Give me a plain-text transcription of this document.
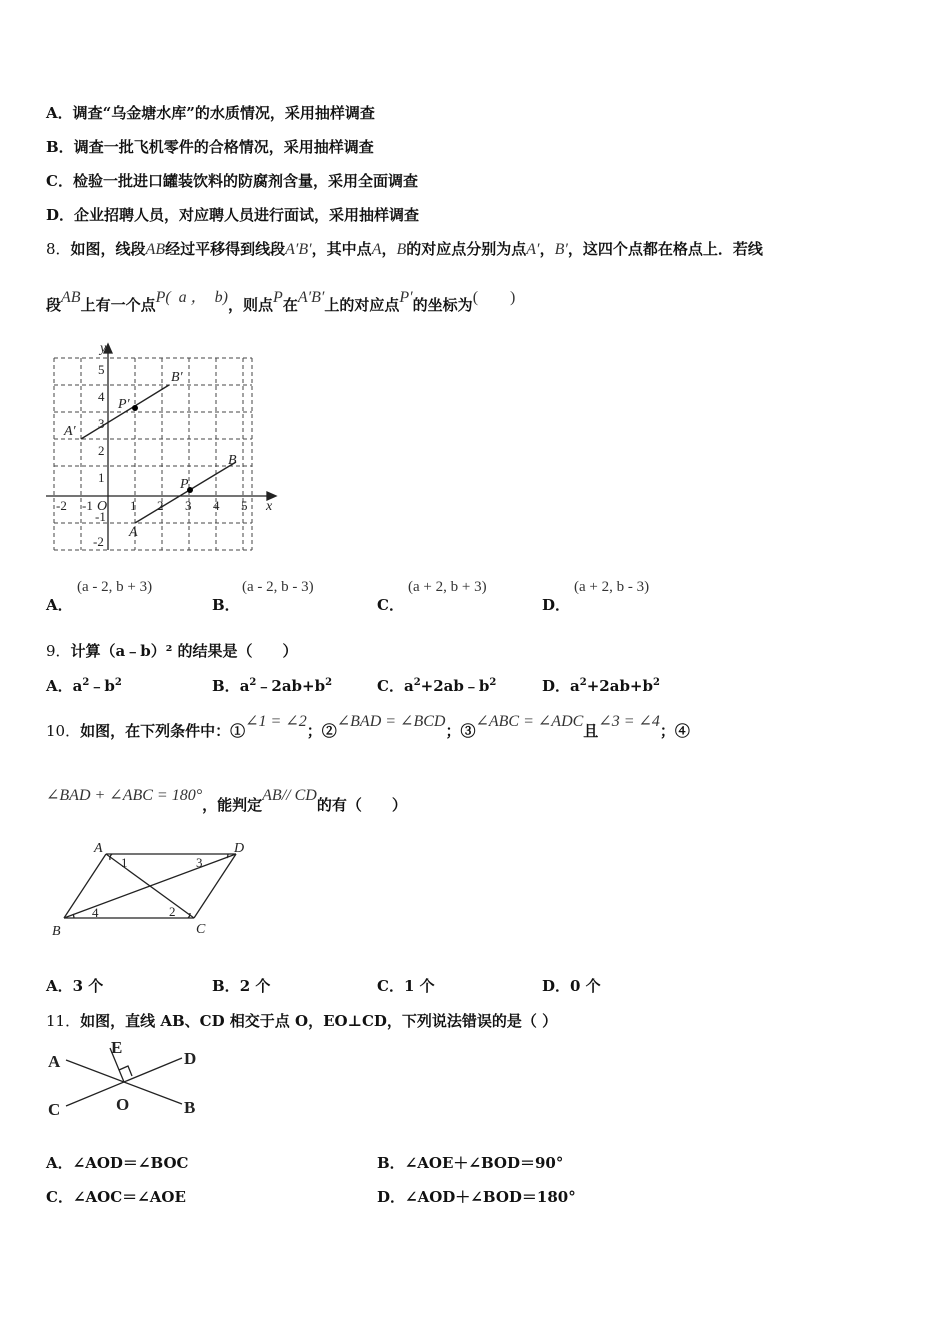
A．调查“乌金塘水库”的水质情况，采用抽样调查
B．调查一批飞机零件的合格情况，采用抽样调查
C．检验一批进口罐装饮料的防腐剂含量，采用全面调查
D．企业招聘人员，对应聘人员进行面试，采用抽样调查
8．如图，线段AB经过平移得到线段A′B′，其中点A，B的对应点分别为点A′，B′，这四个点都在格点上．若线
段AB上有一个点P(  a ，  b)，则点P在A′B′上的对应点P′的坐标为(        )
y
x
O
A
B
P
A′
B′
P′
-2 -1	1 2 3 4 5
5
4
3
2
1
-1
-2
A．
(a - 2, b + 3)
B．
(a - 2, b - 3)
C．
(a + 2, b + 3)
D．
(a + 2, b - 3)
9．计算（a﹣b）² 的结果是（　　）
A．$a^2﹣b^2$	B．$a^2﹣2ab+b^2$	C．$a^2+2ab﹣b^2$	D．$a^2+2ab+b^2$
10．如图，在下列条件中：①∠1 = ∠2；②∠BAD = ∠BCD；③∠ABC = ∠ADC且∠3 = ∠4；④
∠BAD + ∠ABC = 180°，能判定AB// CD的有（　　）
A	D
B	C
1
2
3
4
A．3 个	B．2 个	C．1 个	D．0 个
11．如图，直线 AB、CD 相交于点 O，EO⊥CD，下列说法错误的是（ ）
A
C
D
B
E
O
A．∠AOD＝∠BOC	B．∠AOE＋∠BOD＝90°
C．∠AOC＝∠AOE	D．∠AOD＋∠BOD＝180°
